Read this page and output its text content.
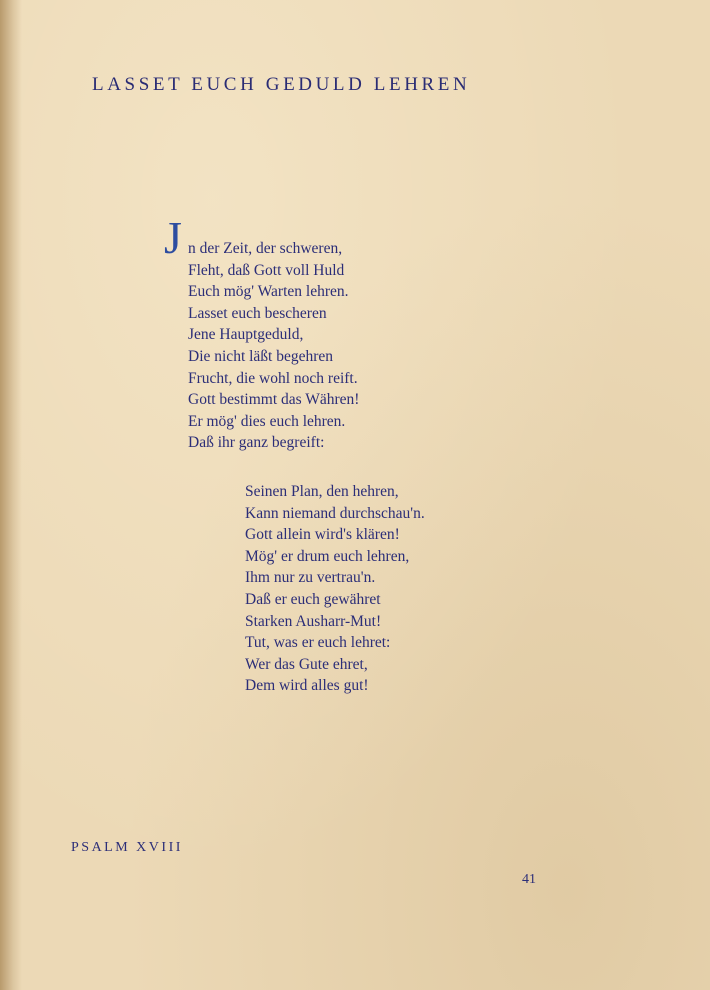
LASSET EUCH GEDULD LEHREN
J n der Zeit, der schweren,
Fleht, daß Gott voll Huld
Euch mög' Warten lehren.
Lasset euch bescheren
Jene Hauptgeduld,
Die nicht läßt begehren
Frucht, die wohl noch reift.
Gott bestimmt das Währen!
Er mög' dies euch lehren.
Daß ihr ganz begreift:
Seinen Plan, den hehren,
Kann niemand durchschau'n.
Gott allein wird's klären!
Mög' er drum euch lehren,
Ihm nur zu vertrau'n.
Daß er euch gewähret
Starken Ausharr-Mut!
Tut, was er euch lehret:
Wer das Gute ehret,
Dem wird alles gut!
PSALM XVIII
41
